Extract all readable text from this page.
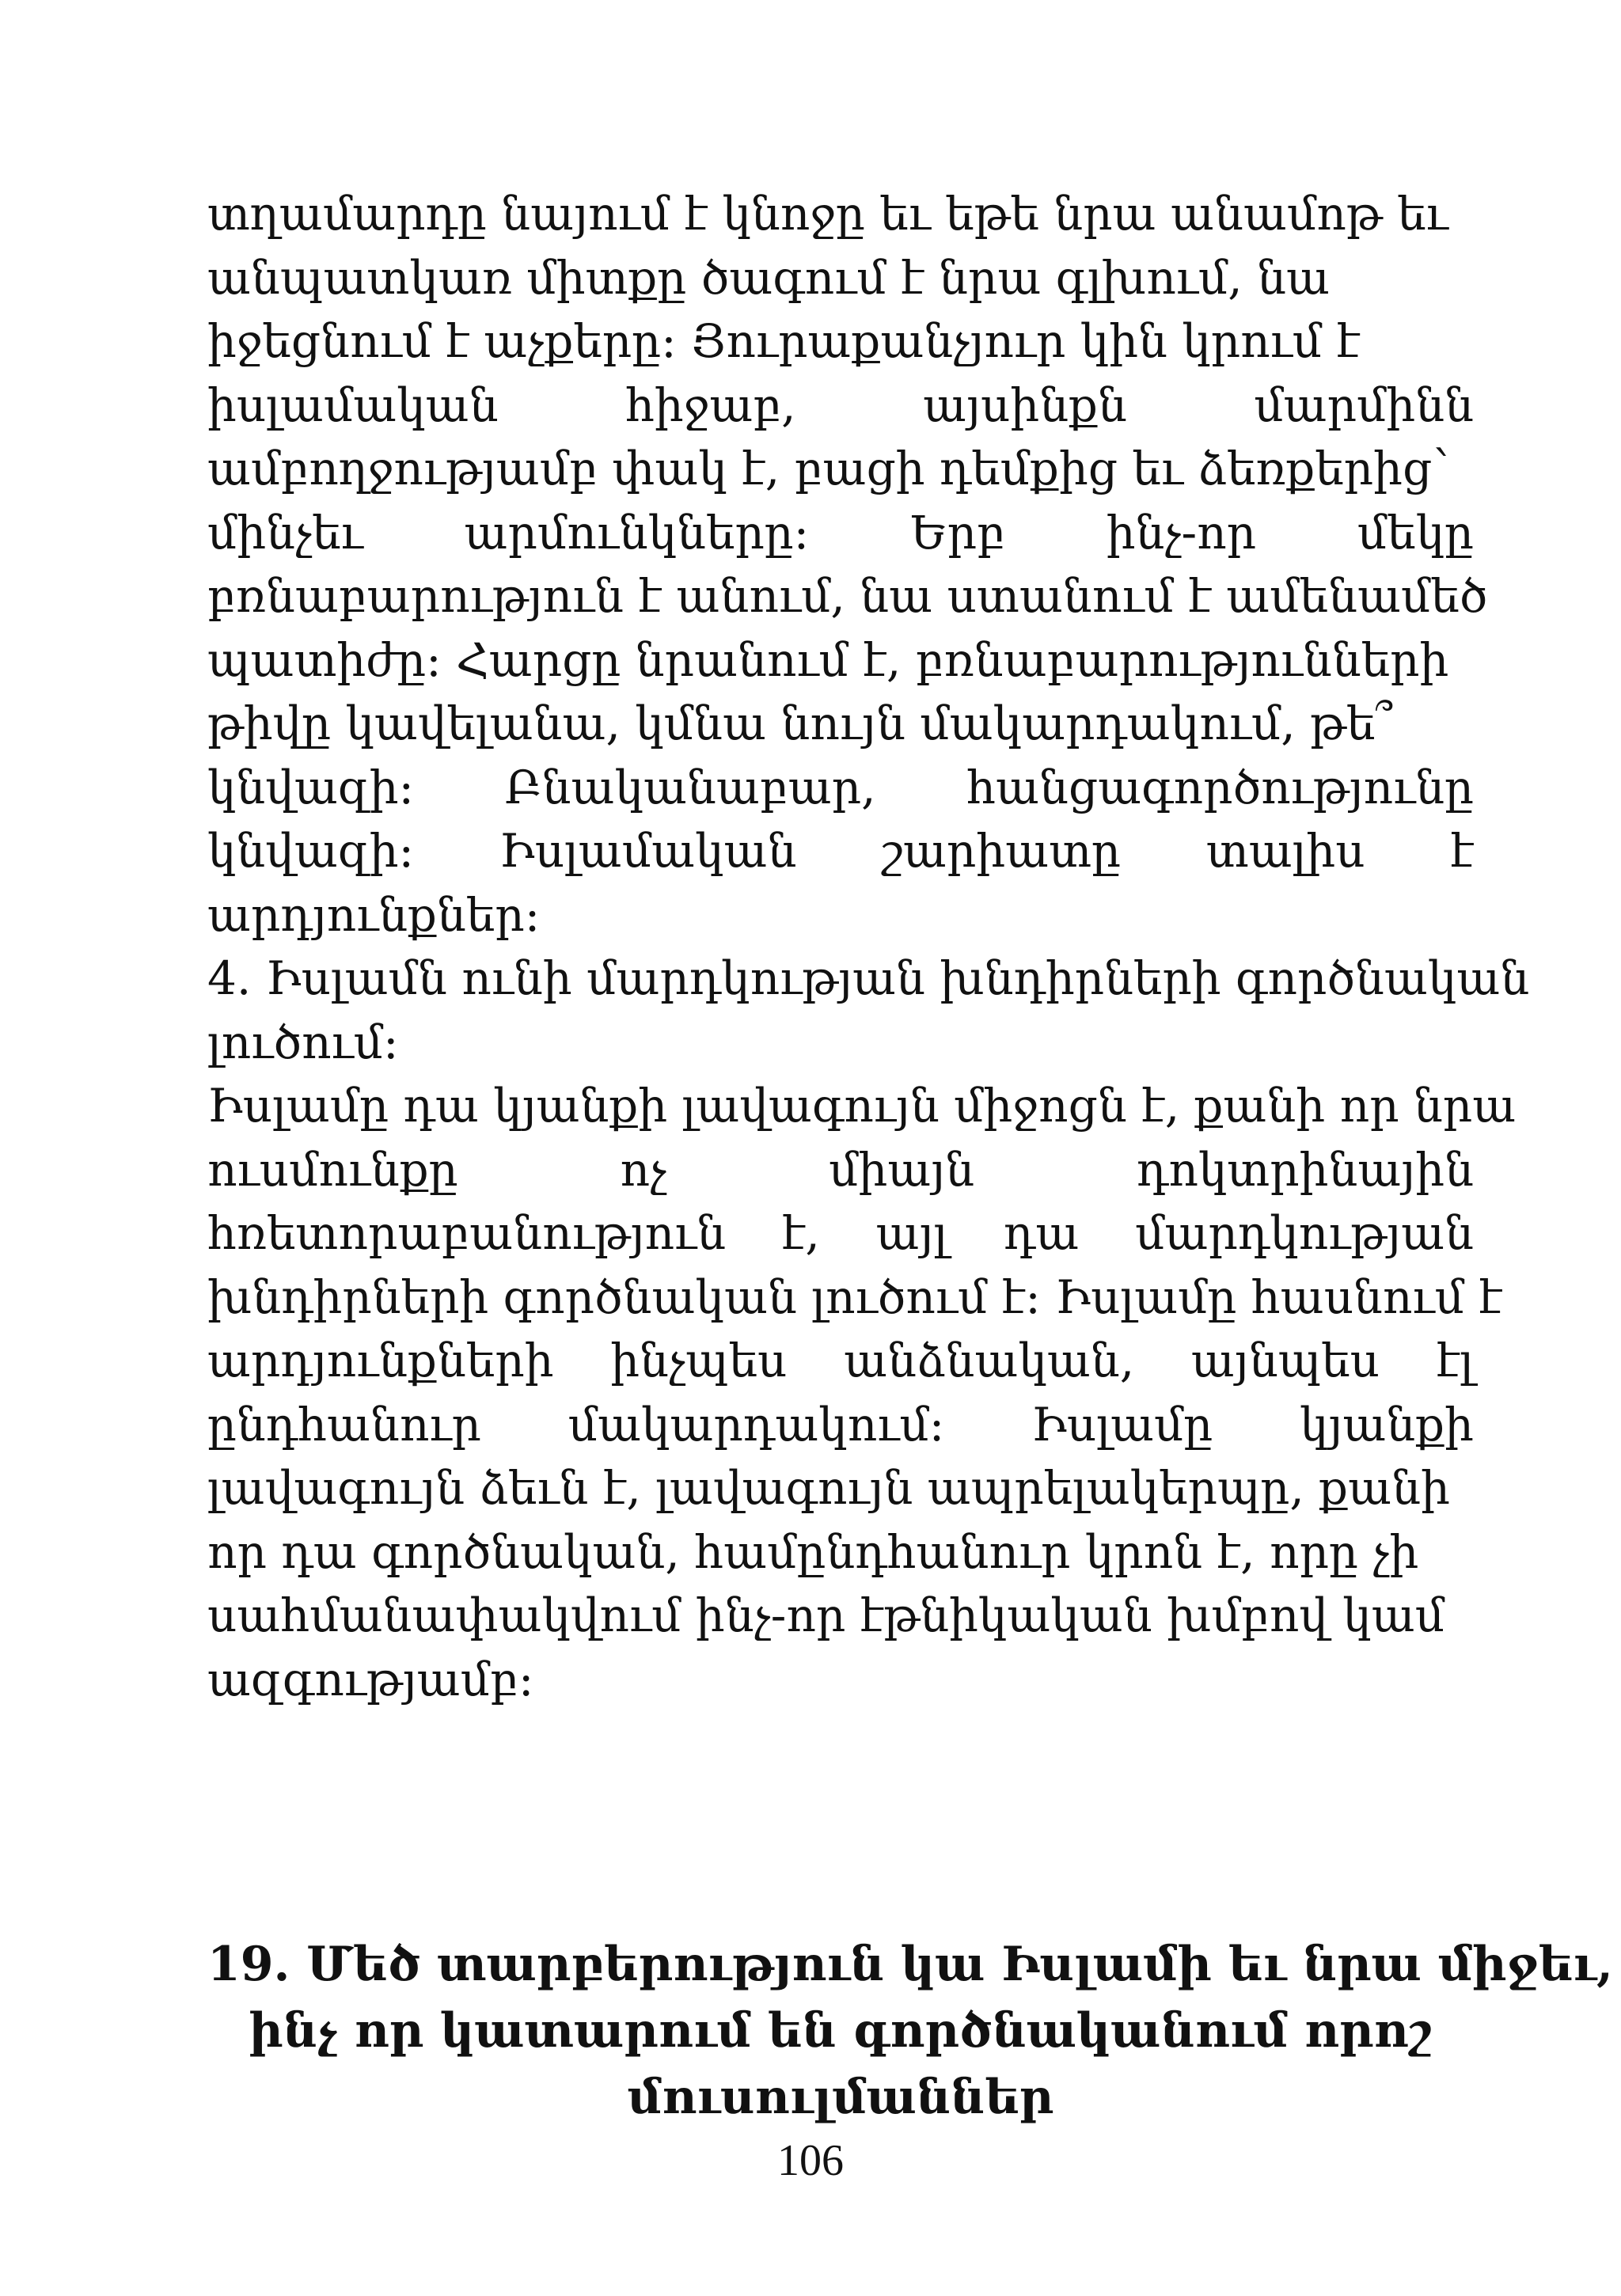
տղամարդը նայում է կնոջը եւ եթե նրա անամոթ եւ
անպատկառ միտքը ծագում է նրա գլխում, նա
իջեցնում է աչքերը: Յուրաքանչյուր կին կրում է
իսլամական	հիջաբ,	այսինքն	մարմինն
ամբողջությամբ փակ է, բացի դեմքից եւ ձեռքերից՝
մինչեւ արմունկները: Երբ ինչ-որ մեկը
բռնաբարություն է անում, նա ստանում է ամենամեծ
պատիժը: Հարցը նրանում է, բռնաբարությունների
թիվը կավելանա, կմնա նույն մակարդակում, թե՞
կնվազի: Բնականաբար, հանցագործությունը
կնվազի: Իսլամական շարիատը տալիս է
արդյունքներ:
4. Իսլամն ունի մարդկության խնդիրների գործնական
լուծում:
Իսլամը դա կյանքի լավագույն միջոցն է, քանի որ նրա
ուսմունքը	ոչ	միայն	դոկտրինային
հռետորաբանություն է, այլ դա մարդկության
խնդիրների գործնական լուծում է: Իսլամը հասնում է
արդյունքների ինչպես անձնական, այնպես էլ
ընդհանուր մակարդակում: Իսլամը կյանքի
լավագույն ձեւն է, լավագույն ապրելակերպը, քանի
որ դա գործնական, համընդհանուր կրոն է, որը չի
սահմանափակվում ինչ-որ էթնիկական խմբով կամ
ազգությամբ:
19. Մեծ տարբերություն կա Իսլամի եւ նրա միջեւ,
ինչ որ կատարում են գործնականում որոշ
մուսուլմաններ
106
